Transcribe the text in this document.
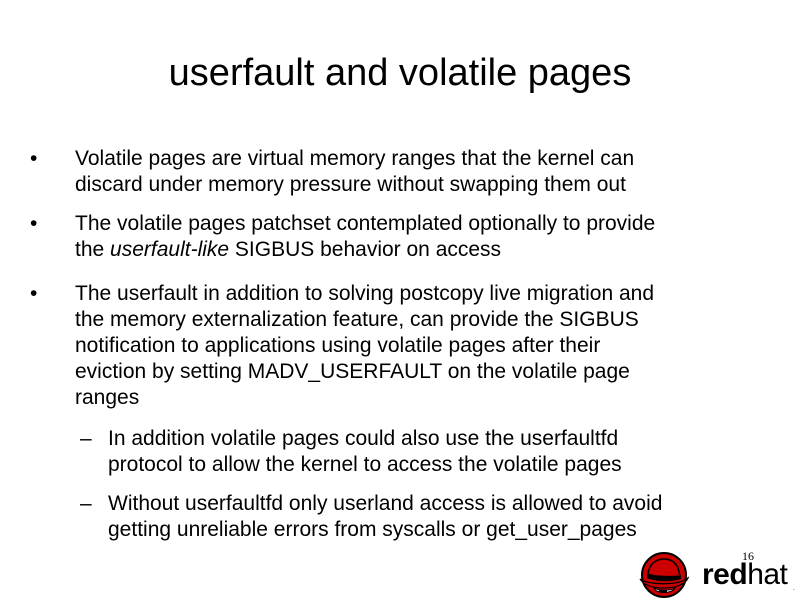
userfault and volatile pages
•	Volatile pages are virtual memory ranges that the kernel can
discard under memory pressure without swapping them out
•	The volatile pages patchset contemplated optionally to provide
the userfault-like SIGBUS behavior on access
•	The userfault in addition to solving postcopy live migration and
the memory externalization feature, can provide the SIGBUS
notification to applications using volatile pages after their
eviction by setting MADV_USERFAULT on the volatile page
ranges
– In addition volatile pages could also use the userfaultfd
protocol to allow the kernel to access the volatile pages
– Without userfaultfd only userland access is allowed to avoid
getting unreliable errors from syscalls or get_user_pages
16
redhat .
